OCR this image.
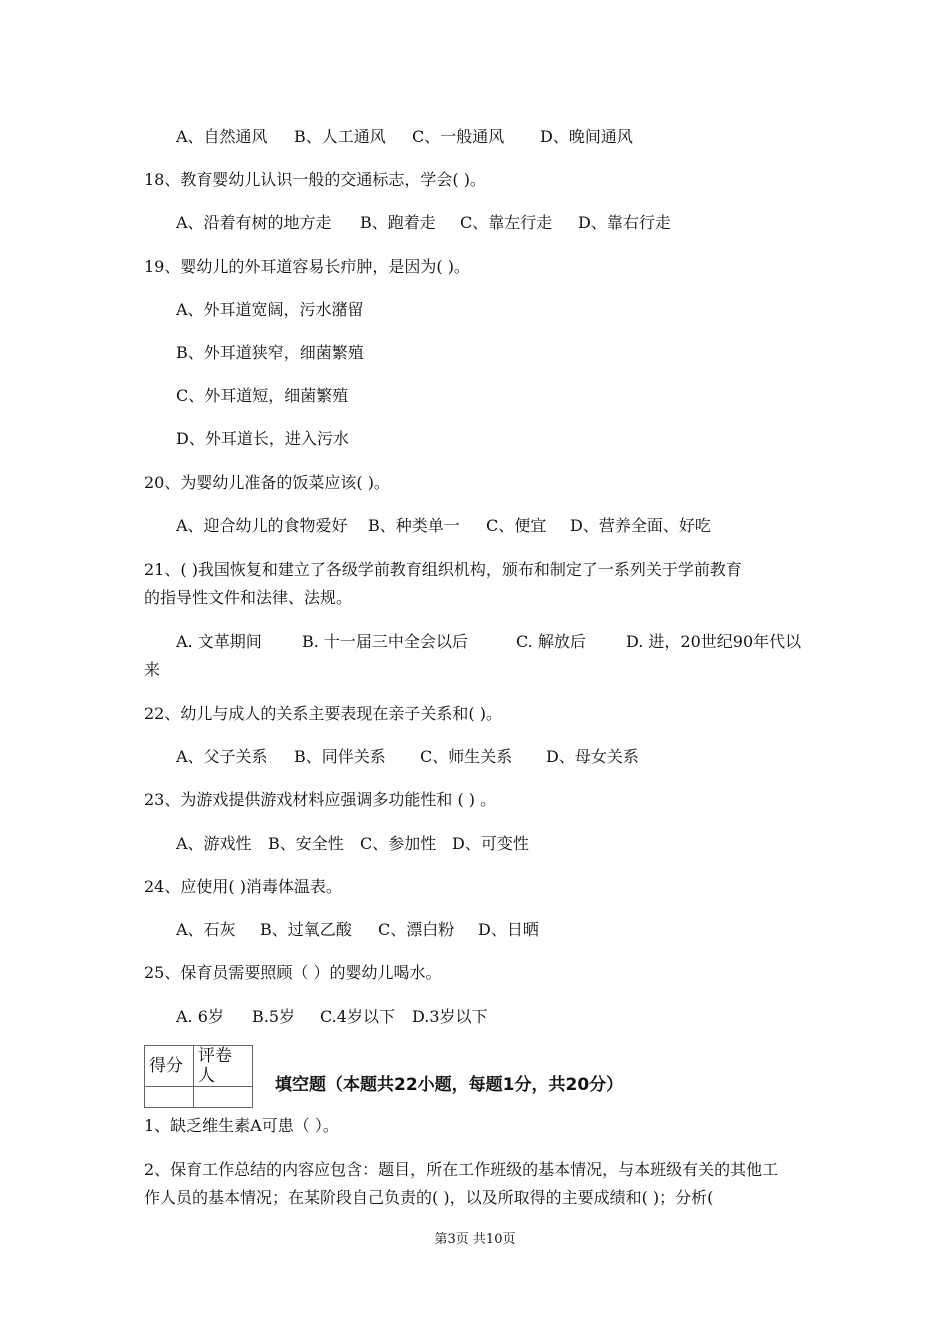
A、自然通风 B、人工通风 C、一般通风 D、晚间通风
18、教育婴幼儿认识一般的交通标志，学会( )。
A、沿着有树的地方走 B、跑着走 C、靠左行走 D、靠右行走
19、婴幼儿的外耳道容易长疖肿，是因为( )。
A、外耳道宽阔，污水潴留
B、外耳道狭窄，细菌繁殖
C、外耳道短，细菌繁殖
D、外耳道长，进入污水
20、为婴幼儿准备的饭菜应该( )。
A、迎合幼儿的食物爱好 B、种类单一 C、便宜 D、营养全面、好吃
21、( )我国恢复和建立了各级学前教育组织机构，颁布和制定了一系列关于学前教育
的指导性文件和法律、法规。
A. 文革期间	B. 十一届三中全会以后	C. 解放后	D. 进，20世纪90年代以
来
22、幼儿与成人的关系主要表现在亲子关系和( )。
A、父子关系 B、同伴关系 C、师生关系 D、母女关系
23、为游戏提供游戏材料应强调多功能性和 ( ) 。
A、游戏性 B、安全性 C、参加性 D、可变性
24、应使用( )消毒体温表。
A、石灰 B、过氧乙酸 C、漂白粉 D、日晒
25、保育员需要照顾（ ）的婴幼儿喝水。
A. 6岁 B.5岁 C.4岁以下 D.3岁以下
得分	评卷人
		填空题（本题共22小题，每题1分，共20分）
1、缺乏维生素A可患（ ）。
2、保育工作总结的内容应包含：题目，所在工作班级的基本情况，与本班级有关的其他工
作人员的基本情况；在某阶段自己负责的( )，以及所取得的主要成绩和( )；分析(
第3页 共10页
